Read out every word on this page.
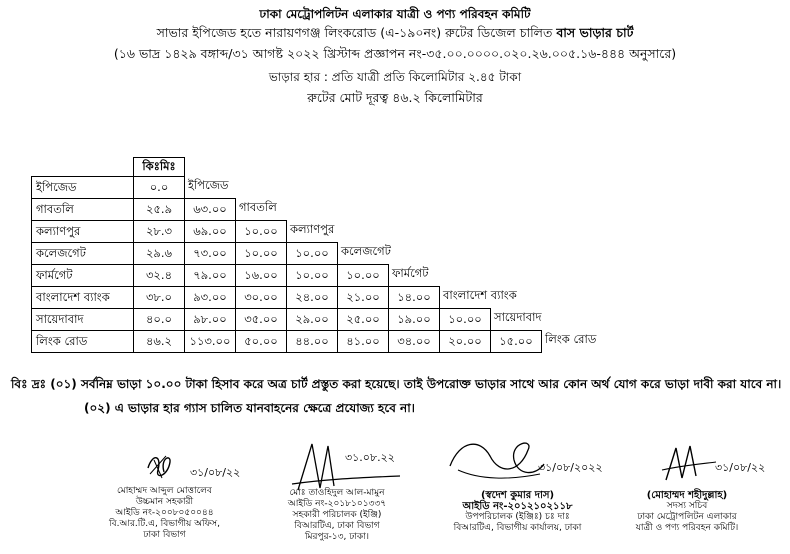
ঢাকা মেট্রোপলিটন এলাকার যাত্রী ও পণ্য পরিবহন কমিটি
সাভার ইপিজেড হতে নারায়ণগঞ্জ লিংকরোড (এ-১৯০নং) রুটের ডিজেল চালিত বাস ভাড়ার চার্ট
(১৬ ভাদ্র ১৪২৯ বঙ্গাব্দ/৩১ আগষ্ট ২০২২ খ্রিস্টাব্দ প্রজ্ঞাপন নং-৩৫.০০.০০০০.০২০.২৬.০০৫.১৬-৪৪৪ অনুসারে)
ভাড়ার হার : প্রতি যাত্রী প্রতি কিলোমিটার ২.৪৫ টাকা
রুটের মোট দূরত্ব ৪৬.২ কিলোমিটার
কিঃমিঃ
ইপিজেড	০.০	ইপিজেড
গাবতলি	২৫.৯	৬৩.০০	গাবতলি
কল্যাণপুর	২৮.৩	৬৯.০০	১০.০০	কল্যাণপুর
কলেজগেট	২৯.৬	৭৩.০০	১০.০০	১০.০০	কলেজগেট
ফার্মগেট	৩২.৪	৭৯.০০	১৬.০০	১০.০০	১০.০০	ফার্মগেট
বাংলাদেশ ব্যাংক	৩৮.০	৯৩.০০	৩০.০০	২৪.০০	২১.০০	১৪.০০	বাংলাদেশ ব্যাংক
সায়েদাবাদ	৪০.০	৯৮.০০	৩৫.০০	২৯.০০	২৫.০০	১৯.০০	১০.০০	সায়েদাবাদ
লিংক রোড	৪৬.২	১১৩.০০	৫০.০০	৪৪.০০	৪১.০০	৩৪.০০	২০.০০	১৫.০০	লিংক রোড
বিঃ দ্রঃ (০১) সর্বনিম্ন ভাড়া ১০.০০ টাকা হিসাব করে অত্র চার্ট প্রস্তুত করা হয়েছে। তাই উপরোক্ত ভাড়ার সাথে আর কোন অর্থ যোগ করে ভাড়া দাবী করা যাবে না।
(০২) এ ভাড়ার হার গ্যাস চালিত যানবাহনের ক্ষেত্রে প্রযোজ্য হবে না।
৩১/০৮/২২
৩১.০৮.২২
৩১/০৮/২০২২	৩১/০৮/২২
মোহাম্মদ আব্দুল মোত্তালেব
উচ্চমান সহকারী
আইডি নং-২০০৮০৫০০৪৪
বি.আর.টি.এ, বিভাগীয় অফিস,
ঢাকা বিভাগ
মোঃ তাওহিদুল আল-মামুন
আইডি নং-২০১৮১০১৩৩৭
সহকারী পরিচালক (ইঞ্জি)
বিআরটিএ, ঢাকা বিভাগ
মিরপুর-১৩, ঢাকা।
(স্বদেশ কুমার দাস)
আইডি নং-২০১২১০২১১৮
উপপরিচালক (ইঞ্জিঃ) চঃ দাঃ
বিআরটিএ, বিভাগীয় কার্যালয়, ঢাকা
(মোহাম্মদ শহীদুল্লাহ)
সদস্য সচিব
ঢাকা মেট্রোপলিটন এলাকার
যাত্রী ও পণ্য পরিবহন কমিটি।
